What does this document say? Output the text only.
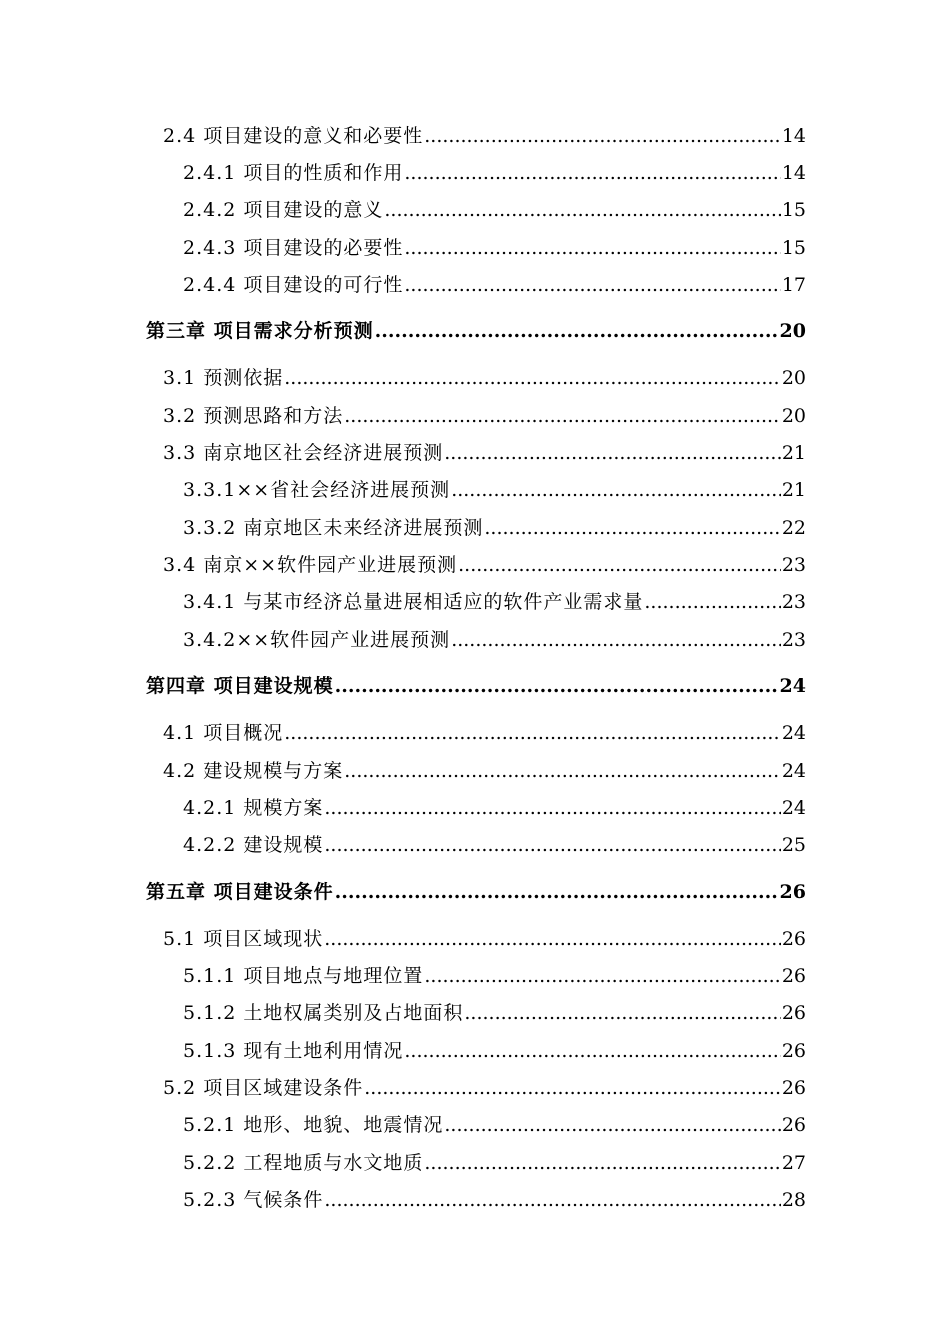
2.4 项目建设的意义和必要性 .....	14
2.4.1 项目的性质和作用 .....	14
2.4.2 项目建设的意义 .....	15
2.4.3 项目建设的必要性 .....	15
2.4.4 项目建设的可行性 .....	17
第三章 项目需求分析预测 .....	20
3.1 预测依据 .....	20
3.2 预测思路和方法 .....	20
3.3 南京地区社会经济进展预测 .....	21
3.3.1××省社会经济进展预测 .....	21
3.3.2 南京地区未来经济进展预测 .....	22
3.4 南京××软件园产业进展预测 .....	23
3.4.1 与某市经济总量进展相适应的软件产业需求量 .....	23
3.4.2××软件园产业进展预测 .....	23
第四章 项目建设规模 .....	24
4.1 项目概况 .....	24
4.2 建设规模与方案 .....	24
4.2.1 规模方案 .....	24
4.2.2 建设规模 .....	25
第五章 项目建设条件 .....	26
5.1 项目区域现状 .....	26
5.1.1 项目地点与地理位置 .....	26
5.1.2 土地权属类别及占地面积 .....	26
5.1.3 现有土地利用情况 .....	26
5.2 项目区域建设条件 .....	26
5.2.1 地形、地貌、地震情况 .....	26
5.2.2 工程地质与水文地质 .....	27
5.2.3 气候条件 .....	28
